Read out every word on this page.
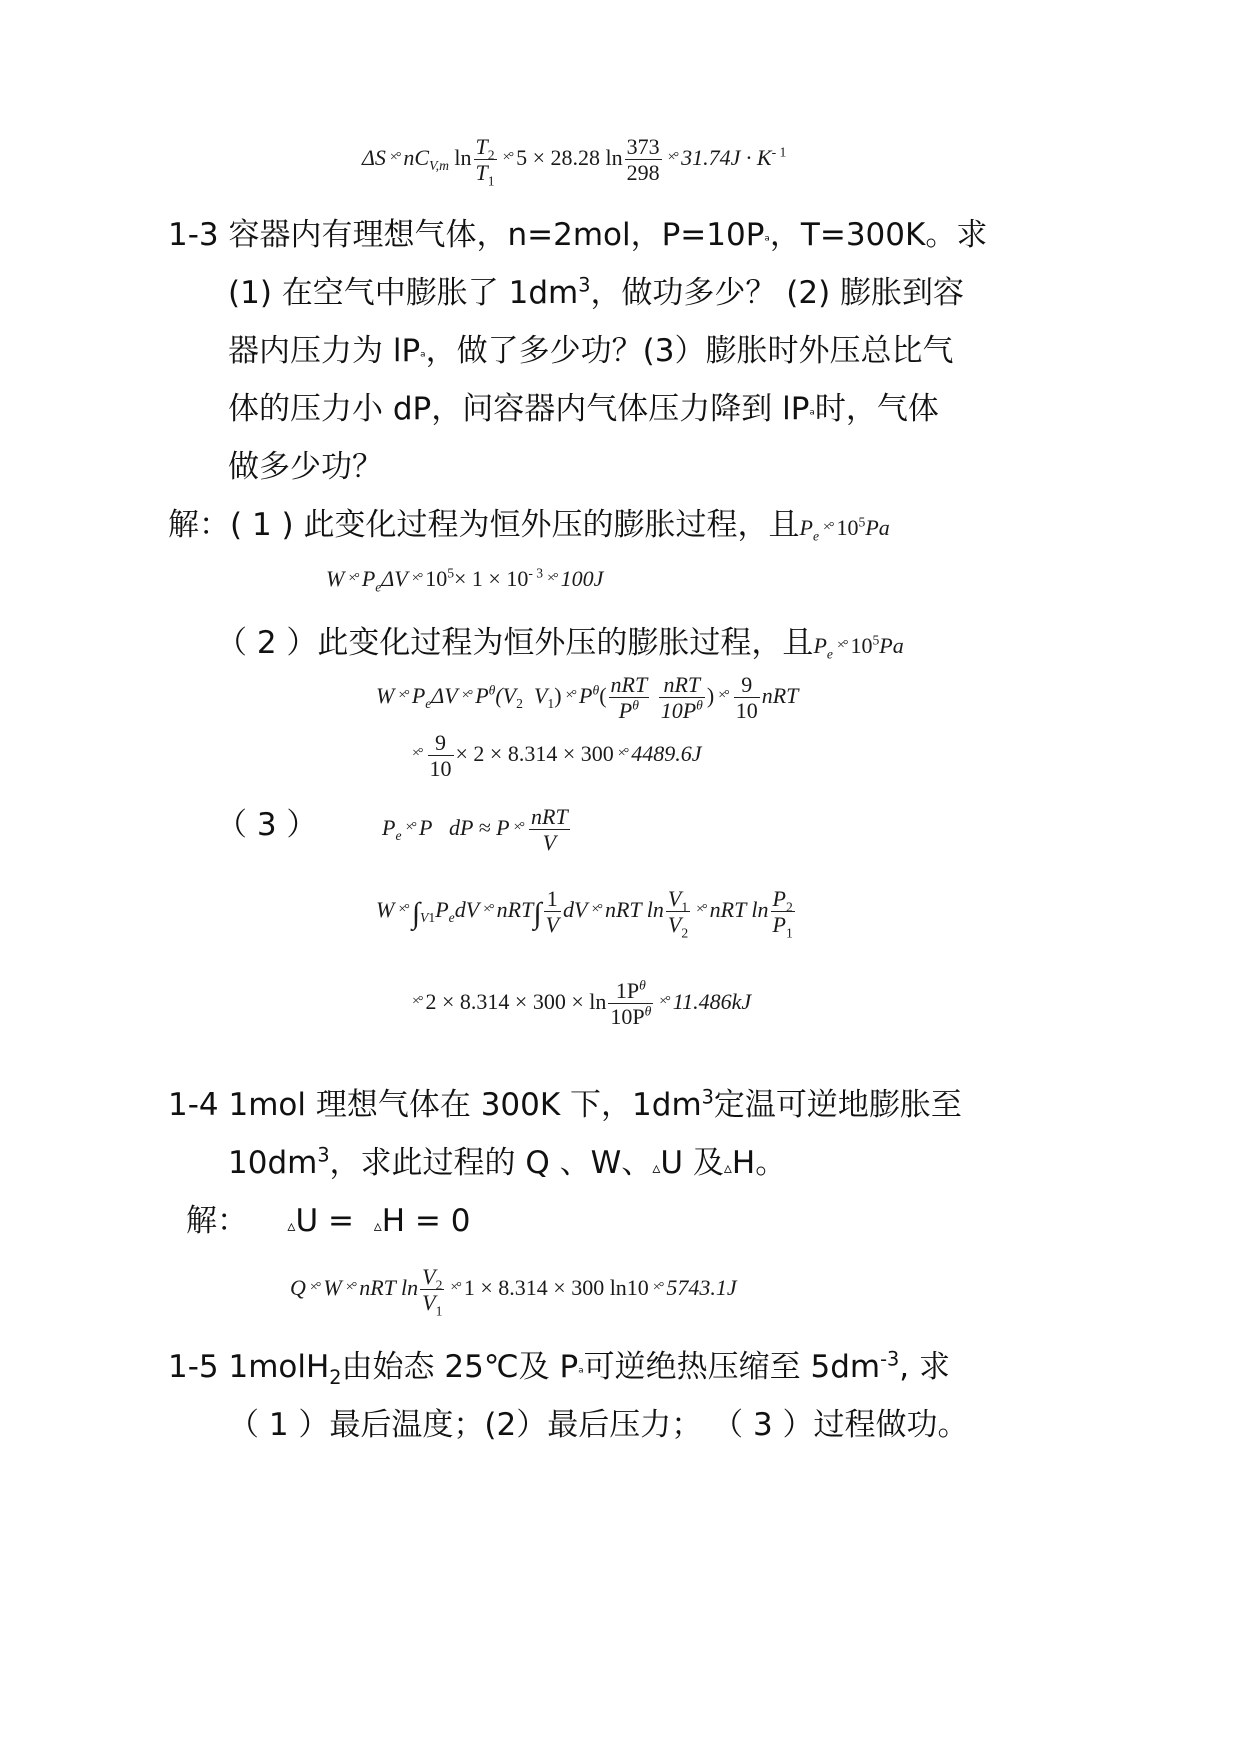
ΔS ×° $nC_{V,m}$ $\ln \frac{T_2}{T_1}$ ×° 5 × 28.28 $\ln \frac{373}{298}$ ×° $31.74J \cdot K^{- 1}$
1-3 容器内有理想气体，n=2mol，P=10Pᵃ，T=300K。求
(1) 在空气中膨胀了 $1dm^3$，做功多少？ (2) 膨胀到容
器内压力为 lPᵃ，做了多少功？(3）膨胀时外压总比气
体的压力小 dP，问容器内气体压力降到 lPᵃ时，气体
做多少功？
解：( 1 ) 此变化过程为恒外压的膨胀过程，且$P_e\times^\circ$ $10^5Pa$
W ×° $P_e\Delta V$ ×° $10^5\times 1 \times 10^{- 3}$ ×° 100J
（ 2 ）此变化过程为恒外压的膨胀过程，且$P_e\times^\circ$ $10^5Pa$
W ×° $P_e\Delta V$ ×° $P^\theta(V_2$ $V_1$) ×° $P^\theta( \frac{\text{nRT}}{P^\theta}$
$\frac{\text{nRT}}{10P^\theta}$ ) ×° $\frac{9}{10}$ nRT
×° $\frac{9}{10} \times 2 \times 8.314 \times 300$ ×° 4489.6J
（ 3 ）	$P_e\times^\circ$ P dP ≈ P ×° $\frac{\text{nRT}}{V}$
W ×° $\int_{V1}P_edV$ ×° $nRT\int \frac{1}{V}$ dV ×° nRT $\ln \frac{V_1}{V_2}$ ×° nRT $\ln \frac{P_2}{P_1}$
×° $2 \times 8.314 \times 300 \times \ln \frac{1P^\theta}{10P^\theta}$ ×° 11.486kJ
1-4 1mol 理想气体在 300K 下，$1dm^3$定温可逆地膨胀至
$10dm^3$，求此过程的 Q 、W、▵U 及▵H。
解： ▵U = ▵H = 0
Q ×° W ×° nRT $\ln \frac{V_2}{V_1}$ ×° 1 × 8.314 × 300 ln10 ×° 5743.1J
1-5 1molH$_2$由始态 25℃及 Pᵃ可逆绝热压缩至 $5dm^{-3}$, 求
（ 1 ）最后温度；(2）最后压力； （ 3 ）过程做功。
